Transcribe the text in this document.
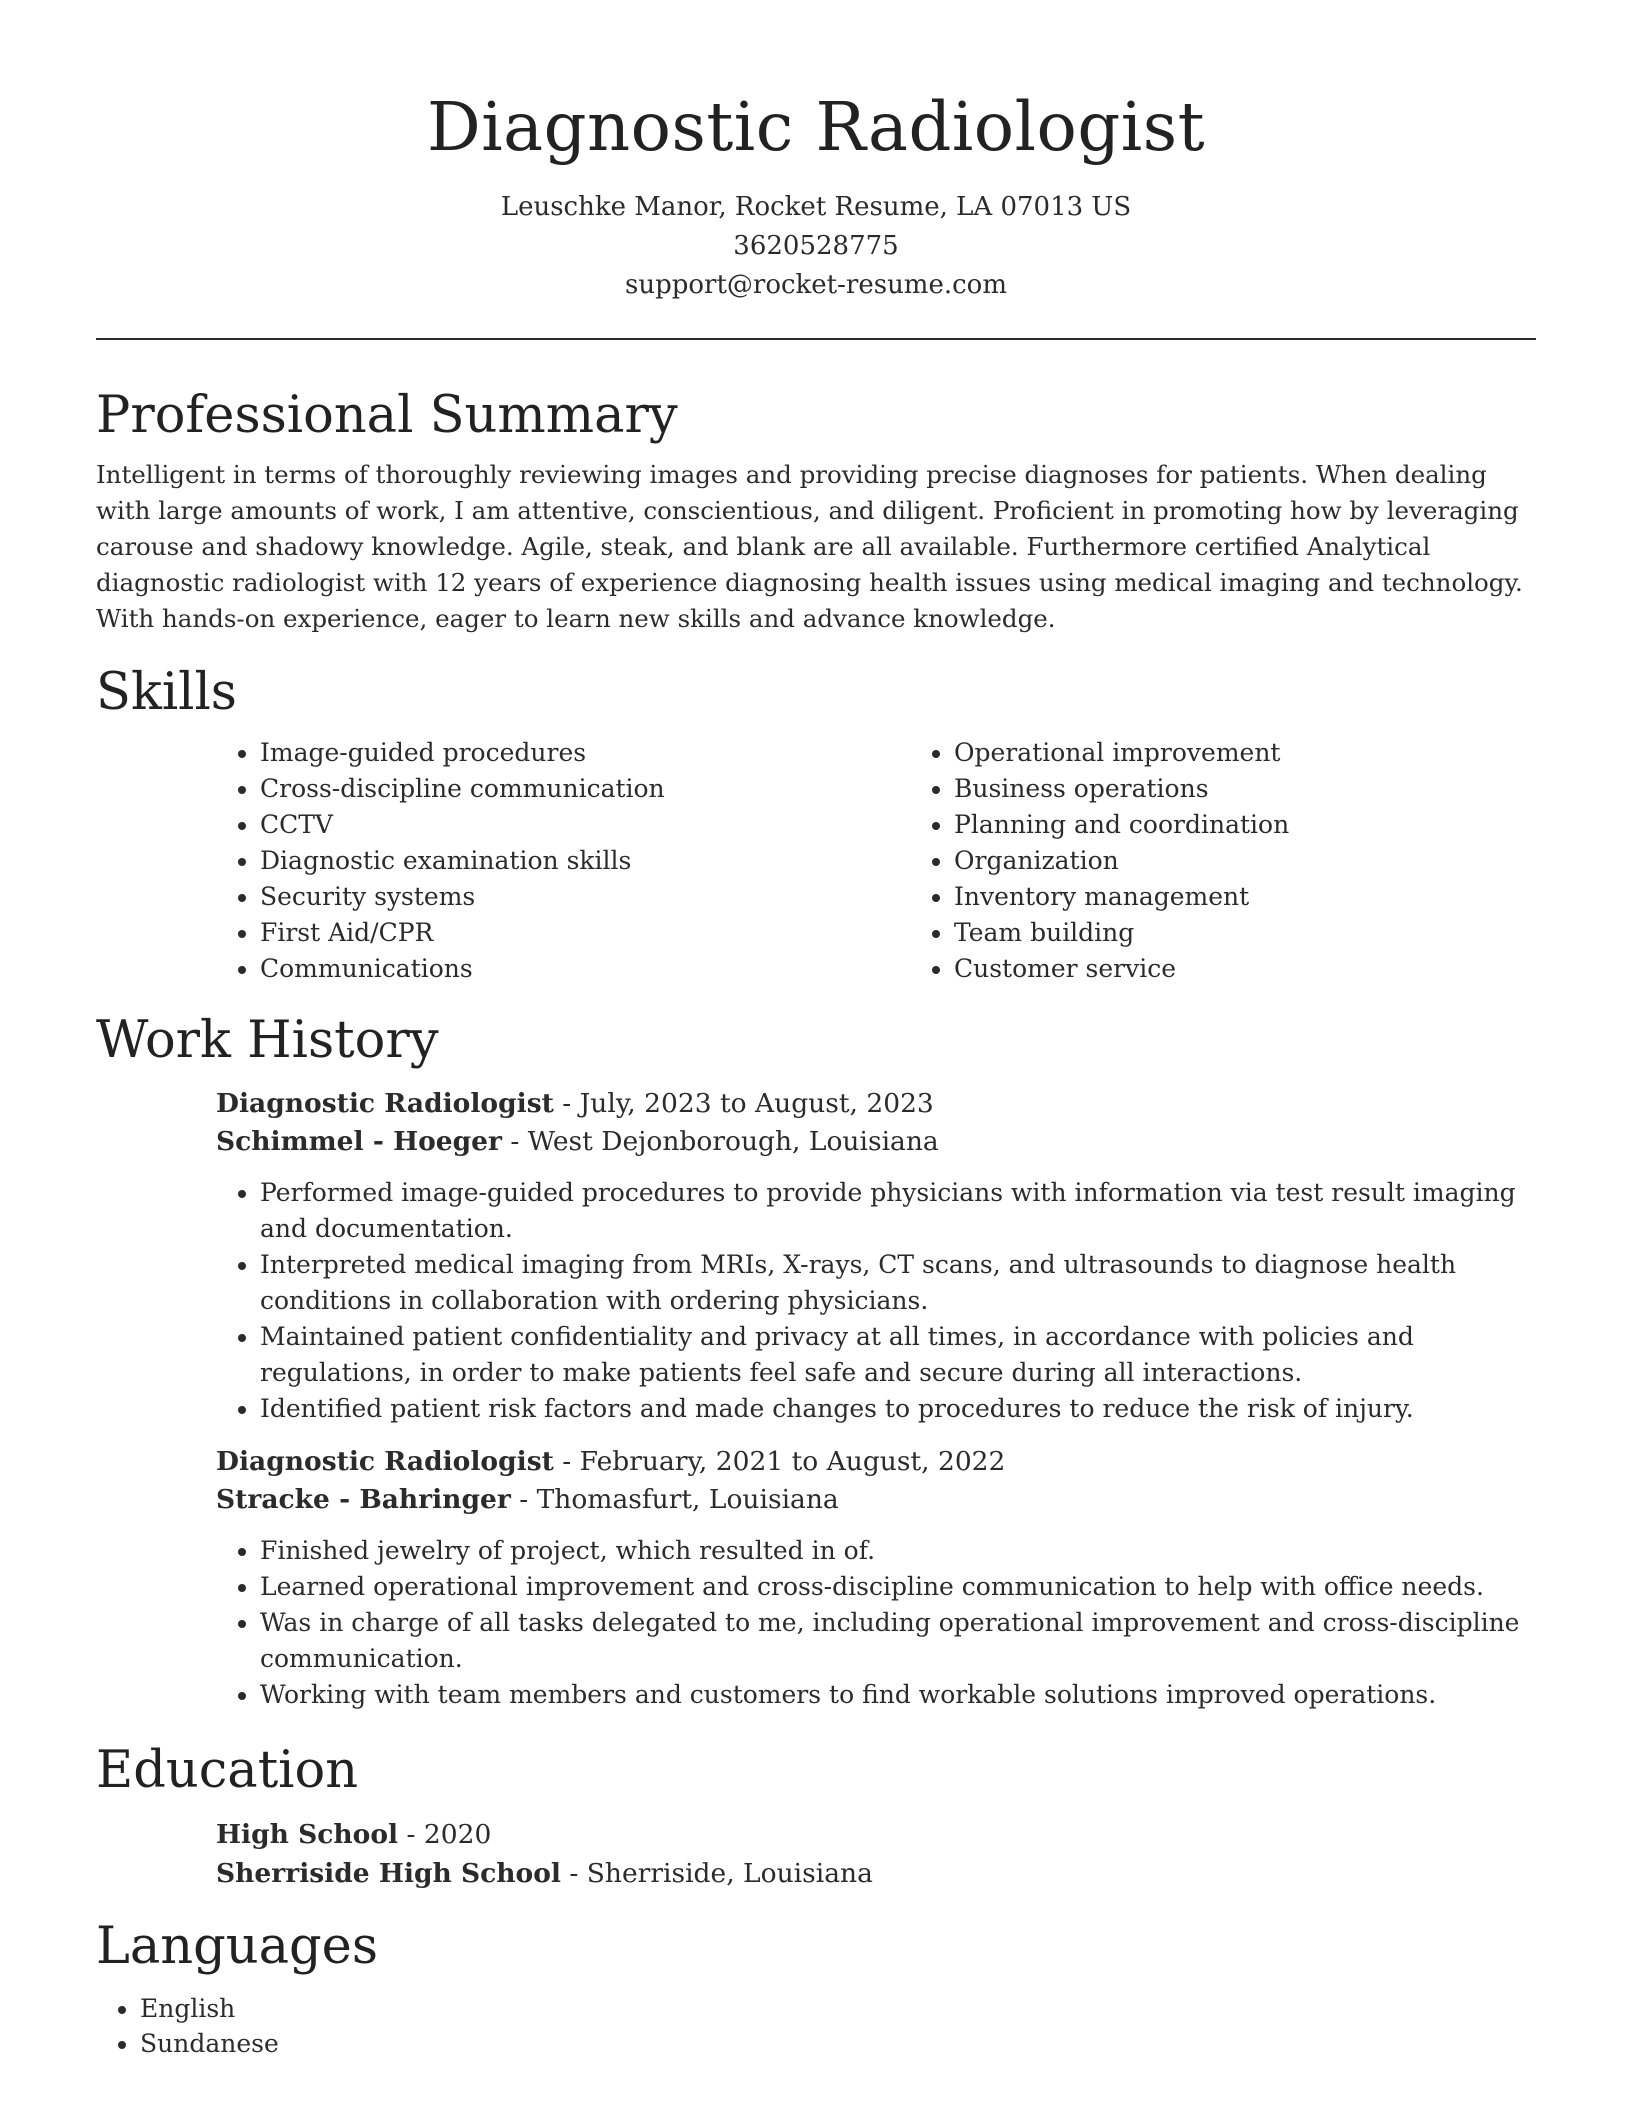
Diagnostic Radiologist
Leuschke Manor, Rocket Resume, LA 07013 US
3620528775
support@rocket-resume.com
Professional Summary

Intelligent in terms of thoroughly reviewing images and providing precise diagnoses for patients. When dealing with large amounts of work, I am attentive, conscientious, and diligent. Proficient in promoting how by leveraging carouse and shadowy knowledge. Agile, steak, and blank are all available. Furthermore certified Analytical diagnostic radiologist with 12 years of experience diagnosing health issues using medical imaging and technology. With hands-on experience, eager to learn new skills and advance knowledge.

Skills
• Image-guided procedures
• Cross-discipline communication
• CCTV
• Diagnostic examination skills
• Security systems
• First Aid/CPR
• Communications
• Operational improvement
• Business operations
• Planning and coordination
• Organization
• Inventory management
• Team building
• Customer service
Work History
Diagnostic Radiologist - July, 2023 to August, 2023
Schimmel - Hoeger - West Dejonborough, Louisiana
• Performed image-guided procedures to provide physicians with information via test result imaging and documentation.
• Interpreted medical imaging from MRIs, X-rays, CT scans, and ultrasounds to diagnose health conditions in collaboration with ordering physicians.
• Maintained patient confidentiality and privacy at all times, in accordance with policies and regulations, in order to make patients feel safe and secure during all interactions.
• Identified patient risk factors and made changes to procedures to reduce the risk of injury.
Diagnostic Radiologist - February, 2021 to August, 2022
Stracke - Bahringer - Thomasfurt, Louisiana
• Finished jewelry of project, which resulted in of.
• Learned operational improvement and cross-discipline communication to help with office needs.
• Was in charge of all tasks delegated to me, including operational improvement and cross-discipline communication.
• Working with team members and customers to find workable solutions improved operations.
Education
High School - 2020
Sherriside High School - Sherriside, Louisiana
Languages
• English
• Sundanese
